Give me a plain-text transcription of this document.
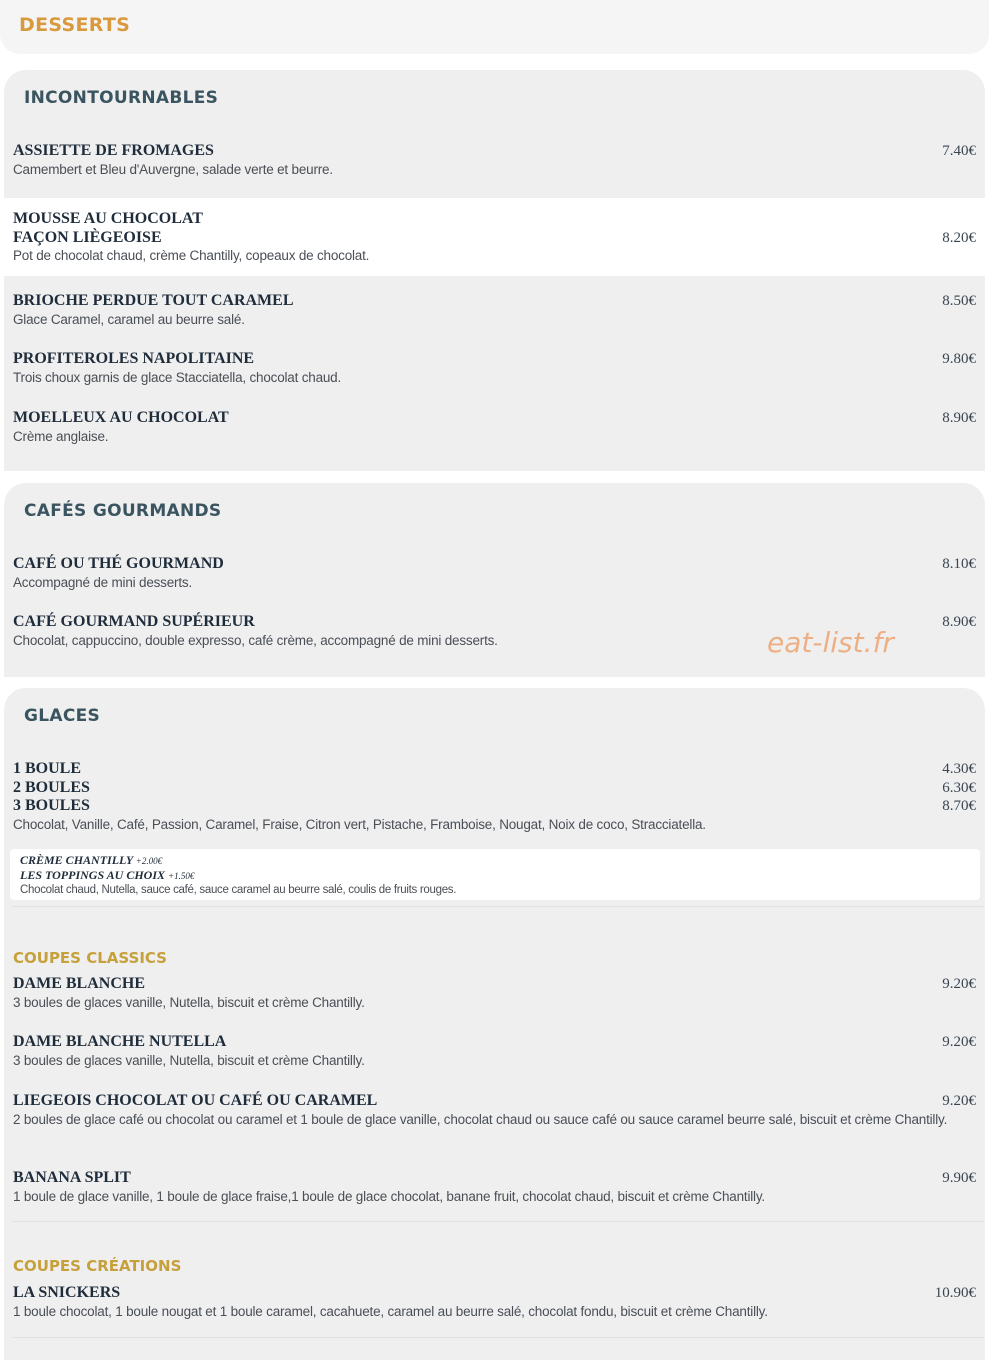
DESSERTS
INCONTOURNABLES
ASSIETTE DE FROMAGES
Camembert et Bleu d'Auvergne, salade verte et beurre.
7.40€
MOUSSE AU CHOCOLAT
FAÇON LIÈGEOISE
Pot de chocolat chaud, crème Chantilly, copeaux de chocolat.
8.20€
BRIOCHE PERDUE TOUT CARAMEL
Glace Caramel, caramel au beurre salé.
8.50€
PROFITEROLES NAPOLITAINE
Trois choux garnis de glace Stacciatella, chocolat chaud.
9.80€
MOELLEUX AU CHOCOLAT
Crème anglaise.
8.90€
CAFÉS GOURMANDS
CAFÉ OU THÉ GOURMAND
Accompagné de mini desserts.
8.10€
CAFÉ GOURMAND SUPÉRIEUR
Chocolat, cappuccino, double expresso, café crème, accompagné de mini desserts.
8.90€
eat-list.fr
GLACES
1 BOULE
2 BOULES
3 BOULES
Chocolat, Vanille, Café, Passion, Caramel, Fraise, Citron vert, Pistache, Framboise, Nougat, Noix de coco, Stracciatella.
4.30€
6.30€
8.70€
CRÈME CHANTILLY +2.00€
LES TOPPINGS AU CHOIX +1.50€
Chocolat chaud, Nutella, sauce café, sauce caramel au beurre salé, coulis de fruits rouges.
COUPES CLASSICS
DAME BLANCHE
3 boules de glaces vanille, Nutella, biscuit et crème Chantilly.
9.20€
DAME BLANCHE NUTELLA
3 boules de glaces vanille, Nutella, biscuit et crème Chantilly.
9.20€
LIEGEOIS CHOCOLAT OU CAFÉ OU CARAMEL
2 boules de glace café ou chocolat ou caramel et 1 boule de glace vanille, chocolat chaud ou sauce café ou sauce caramel beurre salé, biscuit et crème Chantilly.
9.20€
BANANA SPLIT
1 boule de glace vanille, 1 boule de glace fraise,1 boule de glace chocolat, banane fruit, chocolat chaud, biscuit et crème Chantilly.
9.90€
COUPES CRÉATIONS
LA SNICKERS
1 boule chocolat, 1 boule nougat et 1 boule caramel, cacahuete, caramel au beurre salé, chocolat fondu, biscuit et crème Chantilly.
10.90€
